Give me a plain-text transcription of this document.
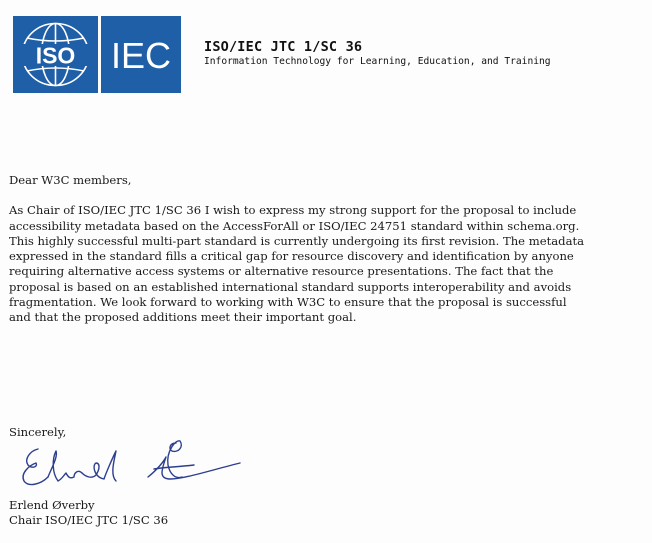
ISO IEC ISO/IEC JTC 1/SC 36
Information Technology for Learning, Education, and Training

Dear W3C members,

As Chair of ISO/IEC JTC 1/SC 36 I wish to express my strong support for the proposal to include accessibility metadata based on the AccessForAll or ISO/IEC 24751 standard within schema.org. This highly successful multi-part standard is currently undergoing its first revision. The metadata expressed in the standard fills a critical gap for resource discovery and identification by anyone requiring alternative access systems or alternative resource presentations. The fact that the proposal is based on an established international standard supports interoperability and avoids fragmentation. We look forward to working with W3C to ensure that the proposal is successful and that the proposed additions meet their important goal.

Sincerely,
Erlend Øverby
Chair ISO/IEC JTC 1/SC 36
